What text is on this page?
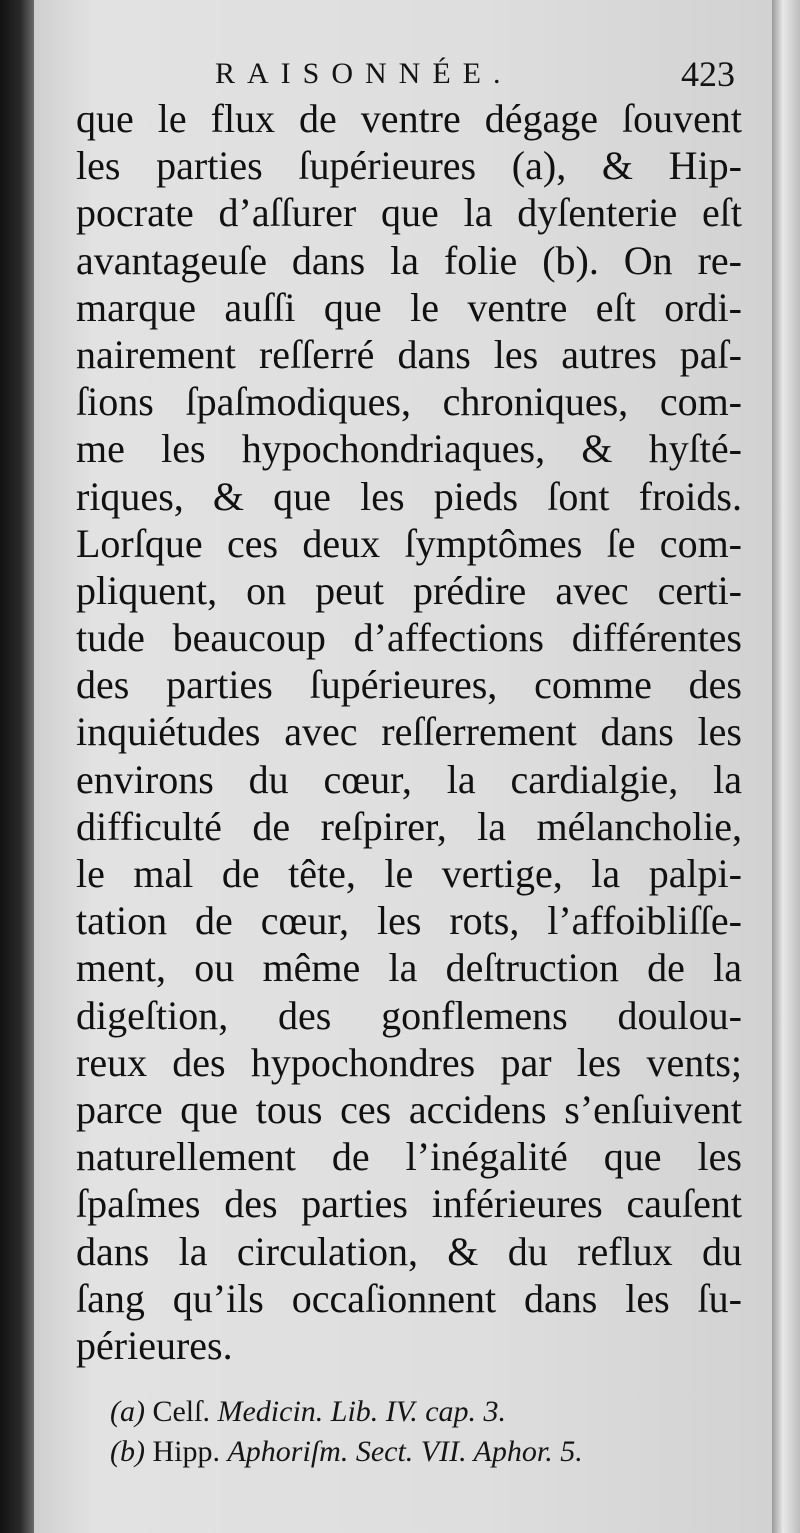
RAISONNÉE.	423
que le flux de ventre dégage ſouvent
les parties ſupérieures (a), & Hip-
pocrate d’aſſurer que la dyſenterie eſt
avantageuſe dans la folie (b). On re-
marque auſſi que le ventre eſt ordi-
nairement reſſerré dans les autres paſ-
ſions ſpaſmodiques, chroniques, com-
me les hypochondriaques, & hyſté-
riques, & que les pieds ſont froids.
Lorſque ces deux ſymptômes ſe com-
pliquent, on peut prédire avec certi-
tude beaucoup d’affections différentes
des parties ſupérieures, comme des
inquiétudes avec reſſerrement dans les
environs du cœur, la cardialgie, la
difficulté de reſpirer, la mélancholie,
le mal de tête, le vertige, la palpi-
tation de cœur, les rots, l’affoibliſſe-
ment, ou même la deſtruction de la
digeſtion, des gonflemens doulou-
reux des hypochondres par les vents;
parce que tous ces accidens s’enſuivent
naturellement de l’inégalité que les
ſpaſmes des parties inférieures cauſent
dans la circulation, & du reflux du
ſang qu’ils occaſionnent dans les ſu-
périeures.
(a) Celſ. Medicin. Lib. IV. cap. 3.
(b) Hipp. Aphoriſm. Sect. VII. Aphor. 5.
